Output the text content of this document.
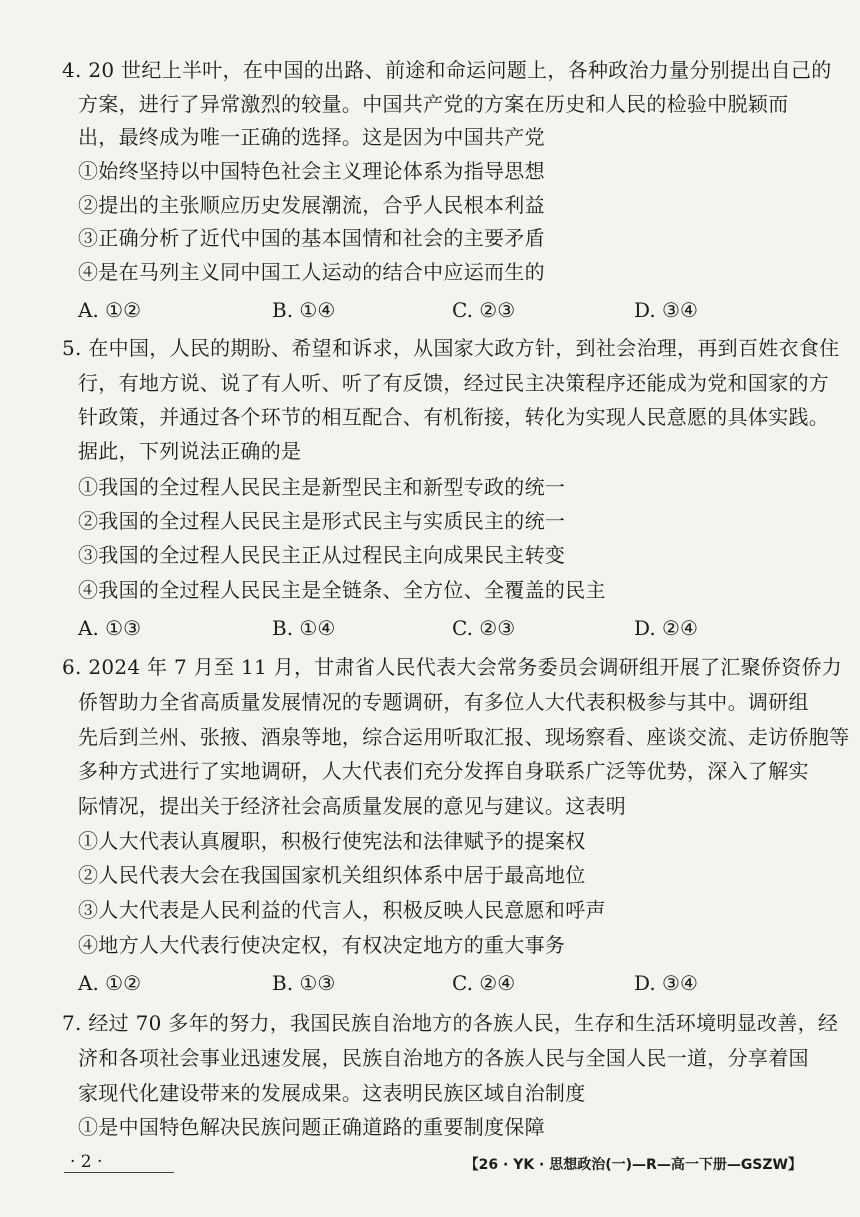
4. 20 世纪上半叶，在中国的出路、前途和命运问题上，各种政治力量分别提出自己的
方案，进行了异常激烈的较量。中国共产党的方案在历史和人民的检验中脱颖而
出，最终成为唯一正确的选择。这是因为中国共产党
①始终坚持以中国特色社会主义理论体系为指导思想
②提出的主张顺应历史发展潮流，合乎人民根本利益
③正确分析了近代中国的基本国情和社会的主要矛盾
④是在马列主义同中国工人运动的结合中应运而生的
A. ①②	B. ①④	C. ②③	D. ③④
5. 在中国，人民的期盼、希望和诉求，从国家大政方针，到社会治理，再到百姓衣食住
行，有地方说、说了有人听、听了有反馈，经过民主决策程序还能成为党和国家的方
针政策，并通过各个环节的相互配合、有机衔接，转化为实现人民意愿的具体实践。
据此，下列说法正确的是
①我国的全过程人民民主是新型民主和新型专政的统一
②我国的全过程人民民主是形式民主与实质民主的统一
③我国的全过程人民民主正从过程民主向成果民主转变
④我国的全过程人民民主是全链条、全方位、全覆盖的民主
A. ①③	B. ①④	C. ②③	D. ②④
6. 2024 年 7 月至 11 月，甘肃省人民代表大会常务委员会调研组开展了汇聚侨资侨力
侨智助力全省高质量发展情况的专题调研，有多位人大代表积极参与其中。调研组
先后到兰州、张掖、酒泉等地，综合运用听取汇报、现场察看、座谈交流、走访侨胞等
多种方式进行了实地调研，人大代表们充分发挥自身联系广泛等优势，深入了解实
际情况，提出关于经济社会高质量发展的意见与建议。这表明
①人大代表认真履职，积极行使宪法和法律赋予的提案权
②人民代表大会在我国国家机关组织体系中居于最高地位
③人大代表是人民利益的代言人，积极反映人民意愿和呼声
④地方人大代表行使决定权，有权决定地方的重大事务
A. ①②	B. ①③	C. ②④	D. ③④
7. 经过 70 多年的努力，我国民族自治地方的各族人民，生存和生活环境明显改善，经
济和各项社会事业迅速发展，民族自治地方的各族人民与全国人民一道，分享着国
家现代化建设带来的发展成果。这表明民族区域自治制度
①是中国特色解决民族问题正确道路的重要制度保障
· 2 ·	【26 · YK · 思想政治(一)—R—高一下册—GSZW】
